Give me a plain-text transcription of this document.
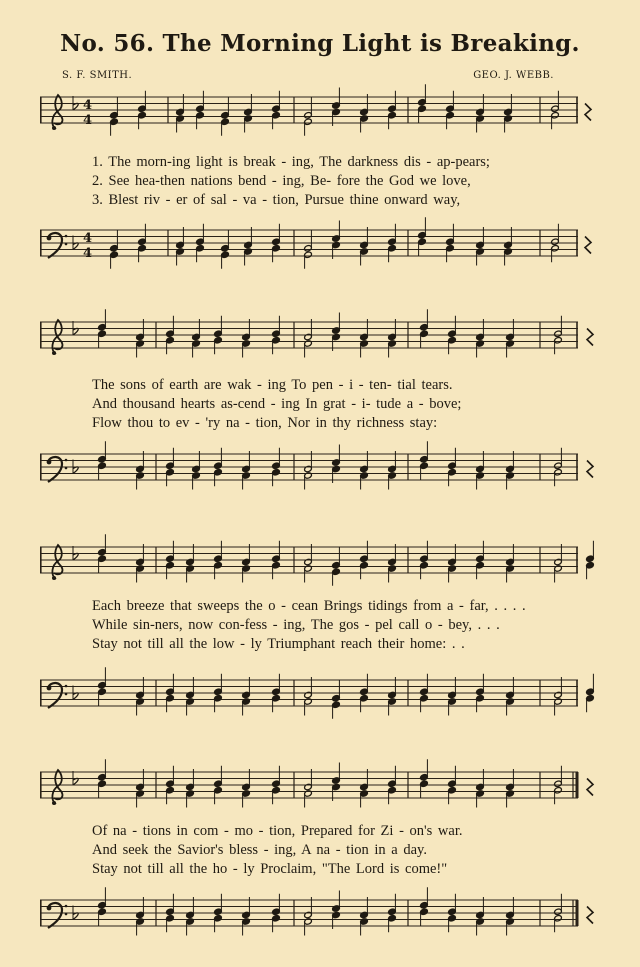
No. 56. The Morning Light is Breaking.
S. F. SMITH.	GEO. J. WEBB.
4
4
1. The morn-ing light is break - ing, The darkness dis - ap-pears;
2. See hea-then nations bend - ing, Be- fore the God we love,
3. Blest riv - er of sal - va - tion, Pursue thine onward way,
4
4
The sons of earth are wak - ing To pen - i - ten- tial tears.
And thousand hearts as-cend - ing In grat - i- tude a - bove;
Flow thou to ev - 'ry na - tion, Nor in thy richness stay:
Each breeze that sweeps the o - cean Brings tidings from a - far, . . . .
While sin-ners, now con-fess - ing, The gos - pel call o - bey, . . .
Stay not till all the low - ly Triumphant reach their home: . .
Of na - tions in com - mo - tion, Prepared for Zi - on's war.
And seek the Savior's bless - ing, A na - tion in a day.
Stay not till all the ho - ly Proclaim, "The Lord is come!"
